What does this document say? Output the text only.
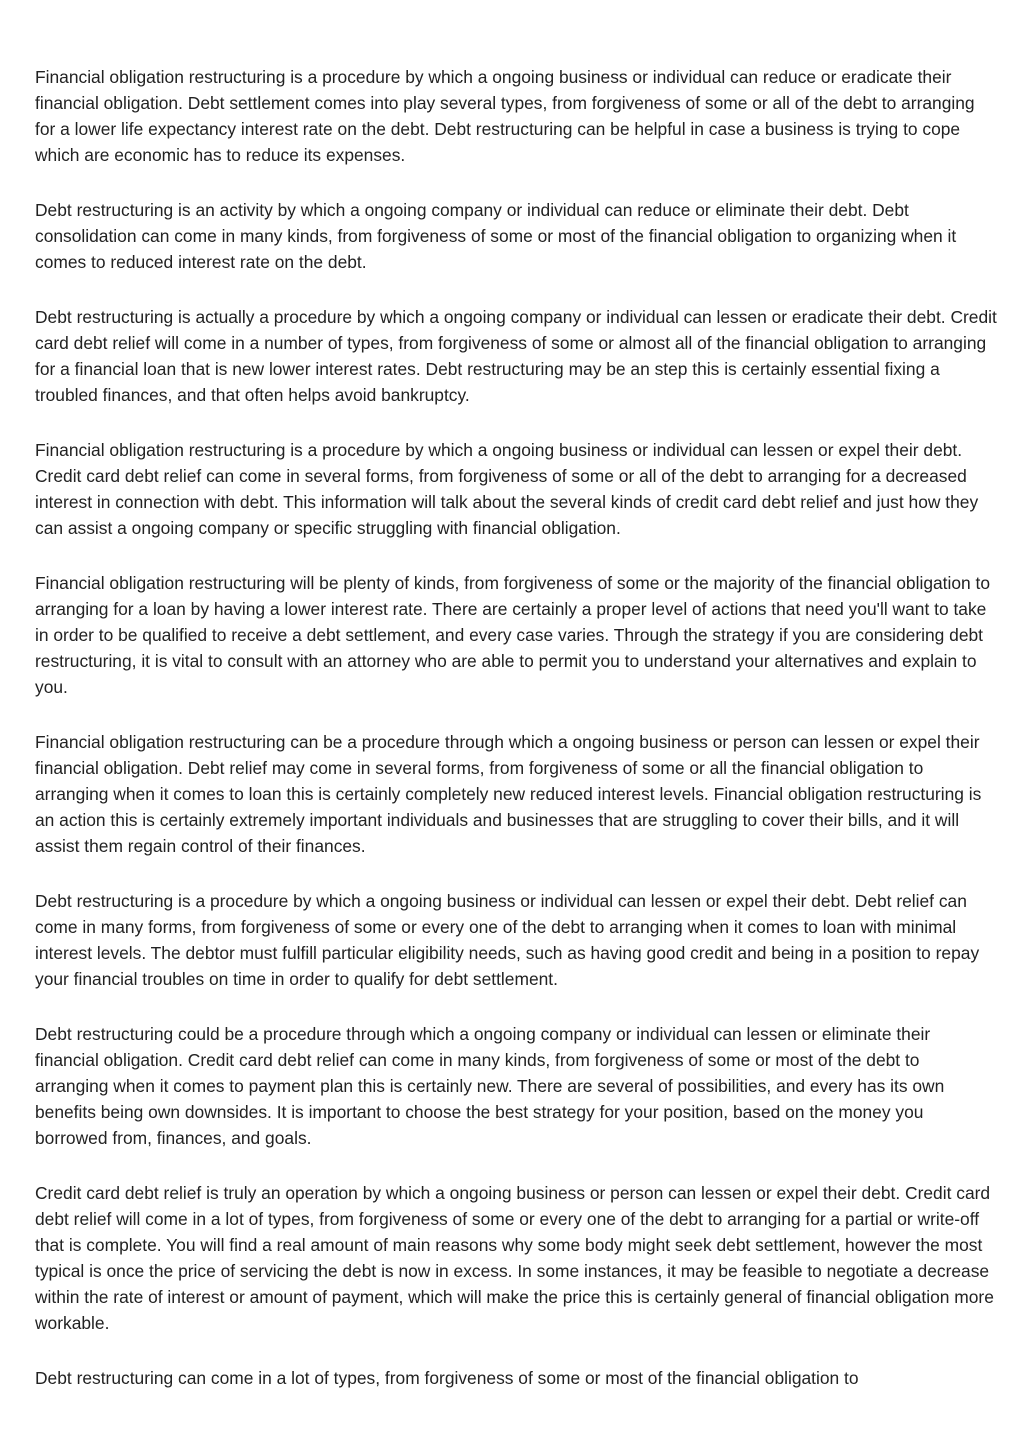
Financial obligation restructuring is a procedure by which a ongoing business or individual can reduce or eradicate their financial obligation. Debt settlement comes into play several types, from forgiveness of some or all of the debt to arranging for a lower life expectancy interest rate on the debt. Debt restructuring can be helpful in case a business is trying to cope which are economic has to reduce its expenses.

Debt restructuring is an activity by which a ongoing company or individual can reduce or eliminate their debt. Debt consolidation can come in many kinds, from forgiveness of some or most of the financial obligation to organizing when it comes to reduced interest rate on the debt.

Debt restructuring is actually a procedure by which a ongoing company or individual can lessen or eradicate their debt. Credit card debt relief will come in a number of types, from forgiveness of some or almost all of the financial obligation to arranging for a financial loan that is new lower interest rates. Debt restructuring may be an step this is certainly essential fixing a troubled finances, and that often helps avoid bankruptcy.

Financial obligation restructuring is a procedure by which a ongoing business or individual can lessen or expel their debt. Credit card debt relief can come in several forms, from forgiveness of some or all of the debt to arranging for a decreased interest in connection with debt. This information will talk about the several kinds of credit card debt relief and just how they can assist a ongoing company or specific struggling with financial obligation.

Financial obligation restructuring will be plenty of kinds, from forgiveness of some or the majority of the financial obligation to arranging for a loan by having a lower interest rate. There are certainly a proper level of actions that need you'll want to take in order to be qualified to receive a debt settlement, and every case varies. Through the strategy if you are considering debt restructuring, it is vital to consult with an attorney who are able to permit you to understand your alternatives and explain to you.

Financial obligation restructuring can be a procedure through which a ongoing business or person can lessen or expel their financial obligation. Debt relief may come in several forms, from forgiveness of some or all the financial obligation to arranging when it comes to loan this is certainly completely new reduced interest levels. Financial obligation restructuring is an action this is certainly extremely important individuals and businesses that are struggling to cover their bills, and it will assist them regain control of their finances.

Debt restructuring is a procedure by which a ongoing business or individual can lessen or expel their debt. Debt relief can come in many forms, from forgiveness of some or every one of the debt to arranging when it comes to loan with minimal interest levels. The debtor must fulfill particular eligibility needs, such as having good credit and being in a position to repay your financial troubles on time in order to qualify for debt settlement.

Debt restructuring could be a procedure through which a ongoing company or individual can lessen or eliminate their financial obligation. Credit card debt relief can come in many kinds, from forgiveness of some or most of the debt to arranging when it comes to payment plan this is certainly new. There are several of possibilities, and every has its own benefits being own downsides. It is important to choose the best strategy for your position, based on the money you borrowed from, finances, and goals.

Credit card debt relief is truly an operation by which a ongoing business or person can lessen or expel their debt. Credit card debt relief will come in a lot of types, from forgiveness of some or every one of the debt to arranging for a partial or write-off that is complete. You will find a real amount of main reasons why some body might seek debt settlement, however the most typical is once the price of servicing the debt is now in excess. In some instances, it may be feasible to negotiate a decrease within the rate of interest or amount of payment, which will make the price this is certainly general of financial obligation more workable.

Debt restructuring can come in a lot of types, from forgiveness of some or most of the financial obligation to
